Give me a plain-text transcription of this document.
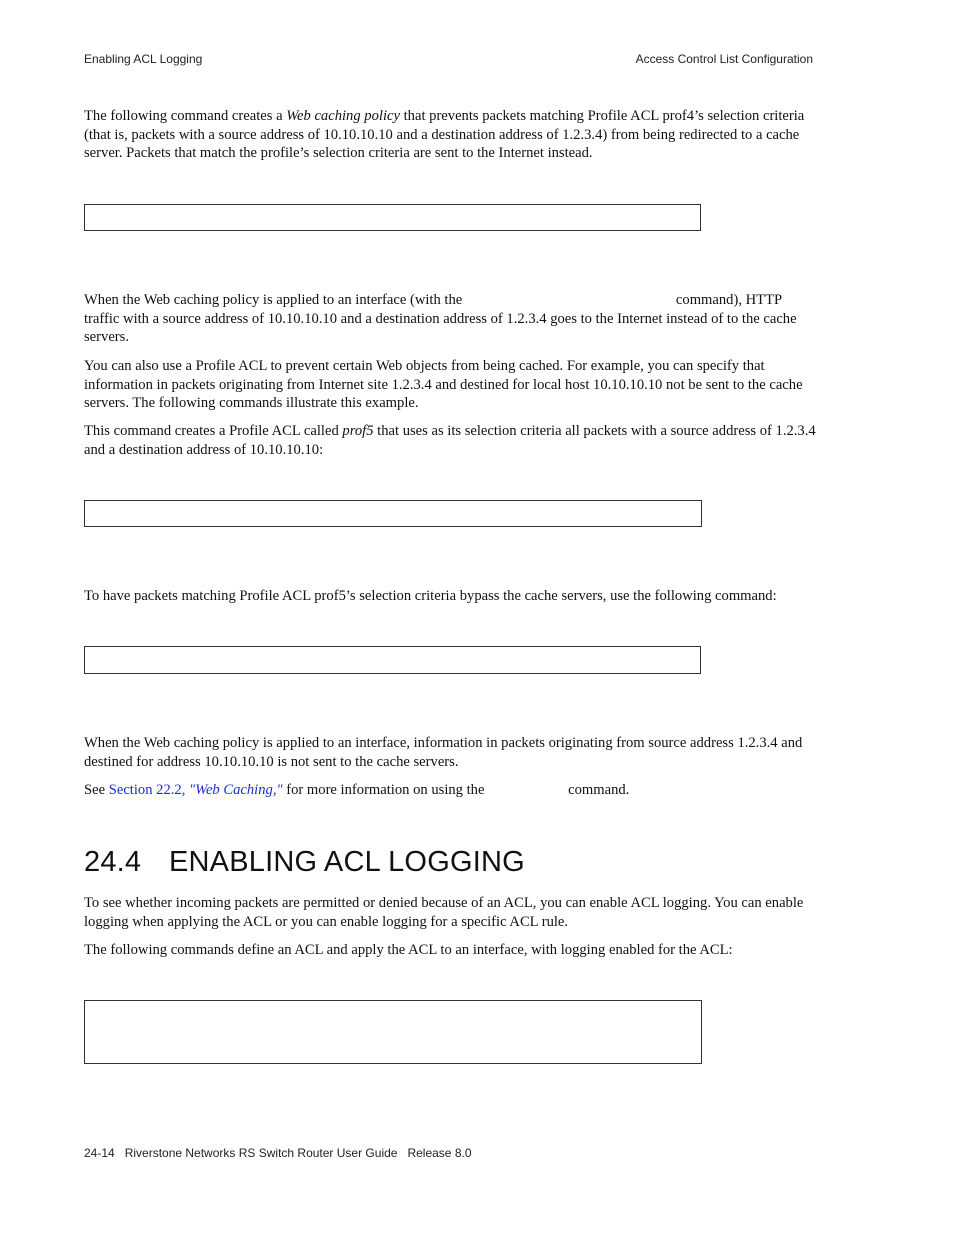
Enabling ACL Logging	Access Control List Configuration

The following command creates a Web caching policy that prevents packets matching Profile ACL prof4’s selection criteria (that is, packets with a source address of 10.10.10.10 and a destination address of 1.2.3.4) from being redirected to a cache server. Packets that match the profile’s selection criteria are sent to the Internet instead.

When the Web caching policy is applied to an interface (with the	command), HTTP traffic with a source address of 10.10.10.10 and a destination address of 1.2.3.4 goes to the Internet instead of to the cache servers.

You can also use a Profile ACL to prevent certain Web objects from being cached. For example, you can specify that information in packets originating from Internet site 1.2.3.4 and destined for local host 10.10.10.10 not be sent to the cache servers. The following commands illustrate this example.

This command creates a Profile ACL called prof5 that uses as its selection criteria all packets with a source address of 1.2.3.4 and a destination address of 10.10.10.10:

To have packets matching Profile ACL prof5’s selection criteria bypass the cache servers, use the following command:

When the Web caching policy is applied to an interface, information in packets originating from source address 1.2.3.4 and destined for address 10.10.10.10 is not sent to the cache servers.

See Section 22.2, "Web Caching," for more information on using the	command.

24.4 ENABLING ACL LOGGING

To see whether incoming packets are permitted or denied because of an ACL, you can enable ACL logging. You can enable logging when applying the ACL or you can enable logging for a specific ACL rule.

The following commands define an ACL and apply the ACL to an interface, with logging enabled for the ACL:

24-14   Riverstone Networks RS Switch Router User Guide   Release 8.0
